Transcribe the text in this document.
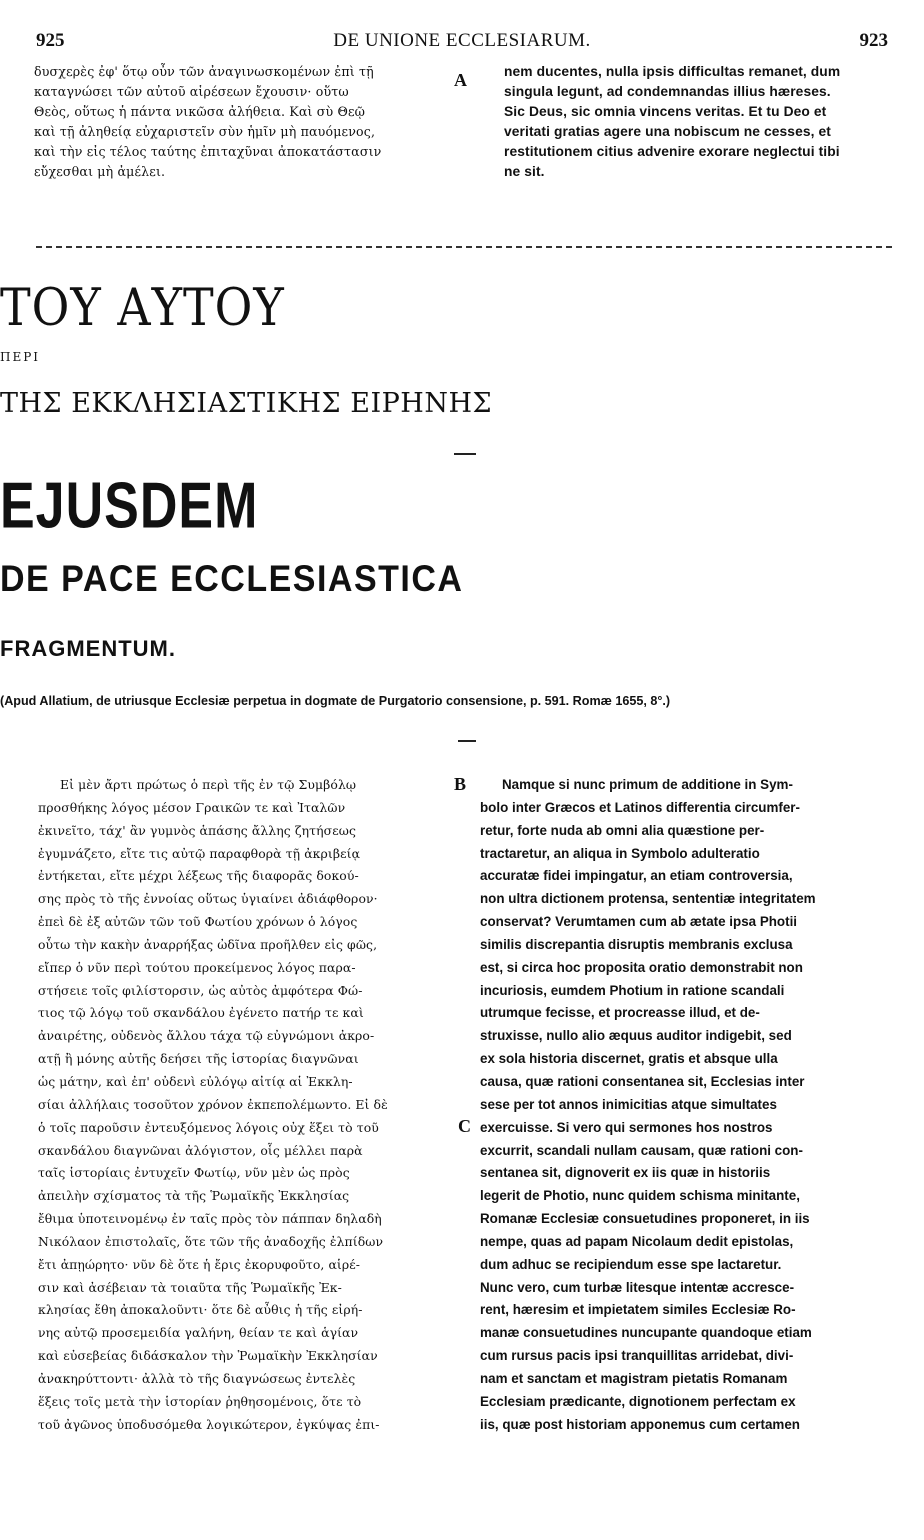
925	DE UNIONE ECCLESIARUM.	923
δυσχερὲς ἐφ' ὅτῳ οὖν τῶν ἀναγινωσκομένων ἐπὶ τῇ
καταγνώσει τῶν αὐτοῦ αἱρέσεων ἔχουσιν· οὕτω
Θεὸς, οὕτως ἡ πάντα νικῶσα ἀλήθεια. Καὶ σὺ Θεῷ
καὶ τῇ ἀληθείᾳ εὐχαριστεῖν σὺν ἡμῖν μὴ παυόμενος,
καὶ τὴν εἰς τέλος ταύτης ἐπιταχῦναι ἀποκατάστασιν
εὔχεσθαι μὴ ἀμέλει.
nem ducentes, nulla ipsis difficultas remanet, dum
singula legunt, ad condemnandas illius hæreses.
Sic Deus, sic omnia vincens veritas. Et tu Deo et
veritati gratias agere una nobiscum ne cesses, et
restitutionem citius advenire exorare neglectui tibi
ne sit.
A
ΤΟΥ ΑΥΤΟΥ
ΠΕΡΙ
ΤΗΣ ΕΚΚΛΗΣΙΑΣΤΙΚΗΣ ΕΙΡΗΝΗΣ
EJUSDEM
DE PACE ECCLESIASTICA
FRAGMENTUM.
(Apud Allatium, de utriusque Ecclesiæ perpetua in dogmate de Purgatorio consensione, p. 591. Romæ 1655, 8°.)
B
C
Εἰ μὲν ἄρτι πρώτως ὁ περὶ τῆς ἐν τῷ Συμβόλῳ
προσθήκης λόγος μέσον Γραικῶν τε καὶ Ἰταλῶν
ἐκινεῖτο, τάχ' ἂν γυμνὸς ἁπάσης ἄλλης ζητήσεως
ἐγυμνάζετο, εἴτε τις αὐτῷ παραφθορὰ τῇ ἀκριβείᾳ
ἐντήκεται, εἴτε μέχρι λέξεως τῆς διαφορᾶς δοκού-
σης πρὸς τὸ τῆς ἐννοίας οὕτως ὑγιαίνει ἀδιάφθορον·
ἐπεὶ δὲ ἐξ αὐτῶν τῶν τοῦ Φωτίου χρόνων ὁ λόγος
οὗτω τὴν κακὴν ἀναρρήξας ὠδῖνα προῆλθεν εἰς φῶς,
εἴπερ ὁ νῦν περὶ τούτου προκείμενος λόγος παρα-
στήσειε τοῖς φιλίστορσιν, ὡς αὐτὸς ἀμφότερα Φώ-
τιος τῷ λόγῳ τοῦ σκανδάλου ἐγένετο πατήρ τε καὶ
ἀναιρέτης, οὐδενὸς ἄλλου τάχα τῷ εὐγνώμονι ἀκρο-
ατῇ ἢ μόνης αὐτῆς δεήσει τῆς ἱστορίας διαγνῶναι
ὡς μάτην, καὶ ἐπ' οὐδενὶ εὐλόγῳ αἰτίᾳ αἱ Ἐκκλη-
σίαι ἀλλήλαις τοσοῦτον χρόνον ἐκπεπολέμωντο. Εἰ δὲ
ὁ τοῖς παροῦσιν ἐντευξόμενος λόγοις οὐχ ἕξει τὸ τοῦ
σκανδάλου διαγνῶναι ἀλόγιστον, οἷς μέλλει παρὰ
ταῖς ἱστορίαις ἐντυχεῖν Φωτίῳ, νῦν μὲν ὡς πρὸς
ἀπειλὴν σχίσματος τὰ τῆς Ῥωμαϊκῆς Ἐκκλησίας
ἔθιμα ὑποτεινομένῳ ἐν ταῖς πρὸς τὸν πάππαν δηλαδὴ
Νικόλαον ἐπιστολαῖς, ὅτε τῶν τῆς ἀναδοχῆς ἐλπίδων
ἔτι ἀπῃώρητο· νῦν δὲ ὅτε ἡ ἔρις ἐκορυφοῦτο, αἱρέ-
σιν καὶ ἀσέβειαν τὰ τοιαῦτα τῆς Ῥωμαϊκῆς Ἐκ-
κλησίας ἔθη ἀποκαλοῦντι· ὅτε δὲ αὖθις ἡ τῆς εἰρή-
νης αὐτῷ προσεμειδία γαλήνη, θείαν τε καὶ ἁγίαν
καὶ εὐσεβείας διδάσκαλον τὴν Ῥωμαϊκὴν Ἐκκλησίαν
ἀνακηρύττοντι· ἀλλὰ τὸ τῆς διαγνώσεως ἐντελὲς
ἕξεις τοῖς μετὰ τὴν ἱστορίαν ῥηθησομένοις, ὅτε τὸ
τοῦ ἀγῶνος ὑποδυσόμεθα λογικώτερον, ἐγκύψας ἐπι-
Namque si nunc primum de additione in Sym-
bolo inter Græcos et Latinos differentia circumfer-
retur, forte nuda ab omni alia quæstione per-
tractaretur, an aliqua in Symbolo adulteratio
accuratæ fidei impingatur, an etiam controversia,
non ultra dictionem protensa, sententiæ integritatem
conservat? Verumtamen cum ab ætate ipsa Photii
similis discrepantia disruptis membranis exclusa
est, si circa hoc proposita oratio demonstrabit non
incuriosis, eumdem Photium in ratione scandali
utrumque fecisse, et procreasse illud, et de-
struxisse, nullo alio æquus auditor indigebit, sed
ex sola historia discernet, gratis et absque ulla
causa, quæ rationi consentanea sit, Ecclesias inter
sese per tot annos inimicitias atque simultates
exercuisse. Si vero qui sermones hos nostros
excurrit, scandali nullam causam, quæ rationi con-
sentanea sit, dignoverit ex iis quæ in historiis
legerit de Photio, nunc quidem schisma minitante,
Romanæ Ecclesiæ consuetudines proponeret, in iis
nempe, quas ad papam Nicolaum dedit epistolas,
dum adhuc se recipiendum esse spe lactaretur.
Nunc vero, cum turbæ litesque intentæ accresce-
rent, hæresim et impietatem similes Ecclesiæ Ro-
manæ consuetudines nuncupante quandoque etiam
cum rursus pacis ipsi tranquillitas arridebat, divi-
nam et sanctam et magistram pietatis Romanam
Ecclesiam prædicante, dignotionem perfectam ex
iis, quæ post historiam apponemus cum certamen
